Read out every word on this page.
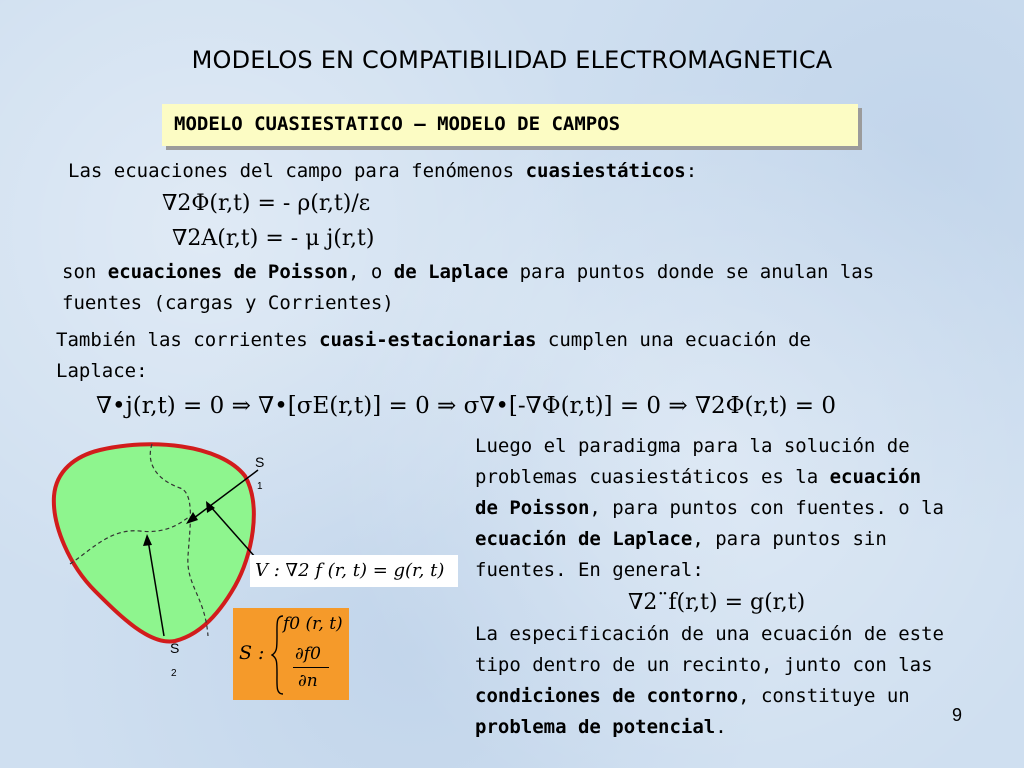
MODELOS EN COMPATIBILIDAD ELECTROMAGNETICA
MODELO CUASIESTATICO – MODELO DE CAMPOS
Las ecuaciones del campo para fenómenos cuasiestáticos:
∇2Φ(r,t) = - ρ(r,t)/ε
∇2A(r,t) = - μ j(r,t)
son ecuaciones de Poisson, o de Laplace para puntos donde se anulan las
fuentes (cargas y Corrientes)
También las corrientes cuasi-estacionarias cumplen una ecuación de
Laplace:
∇•j(r,t) = 0 ⇒ ∇•[σE(r,t)] = 0 ⇒ σ∇•[-∇Φ(r,t)] = 0 ⇒ ∇2Φ(r,t) = 0
S
1
S
2
V : ∇2 f (r, t) = g(r, t)
S :
f0 (r, t)
∂f0
∂n
Luego el paradigma para la solución de
problemas cuasiestáticos es la ecuación
de Poisson, para puntos con fuentes. o la
ecuación de Laplace, para puntos sin
fuentes. En general:
∇2¨f(r,t) = g(r,t)
La especificación de una ecuación de este
tipo dentro de un recinto, junto con las
condiciones de contorno, constituye un
problema de potencial.
9
